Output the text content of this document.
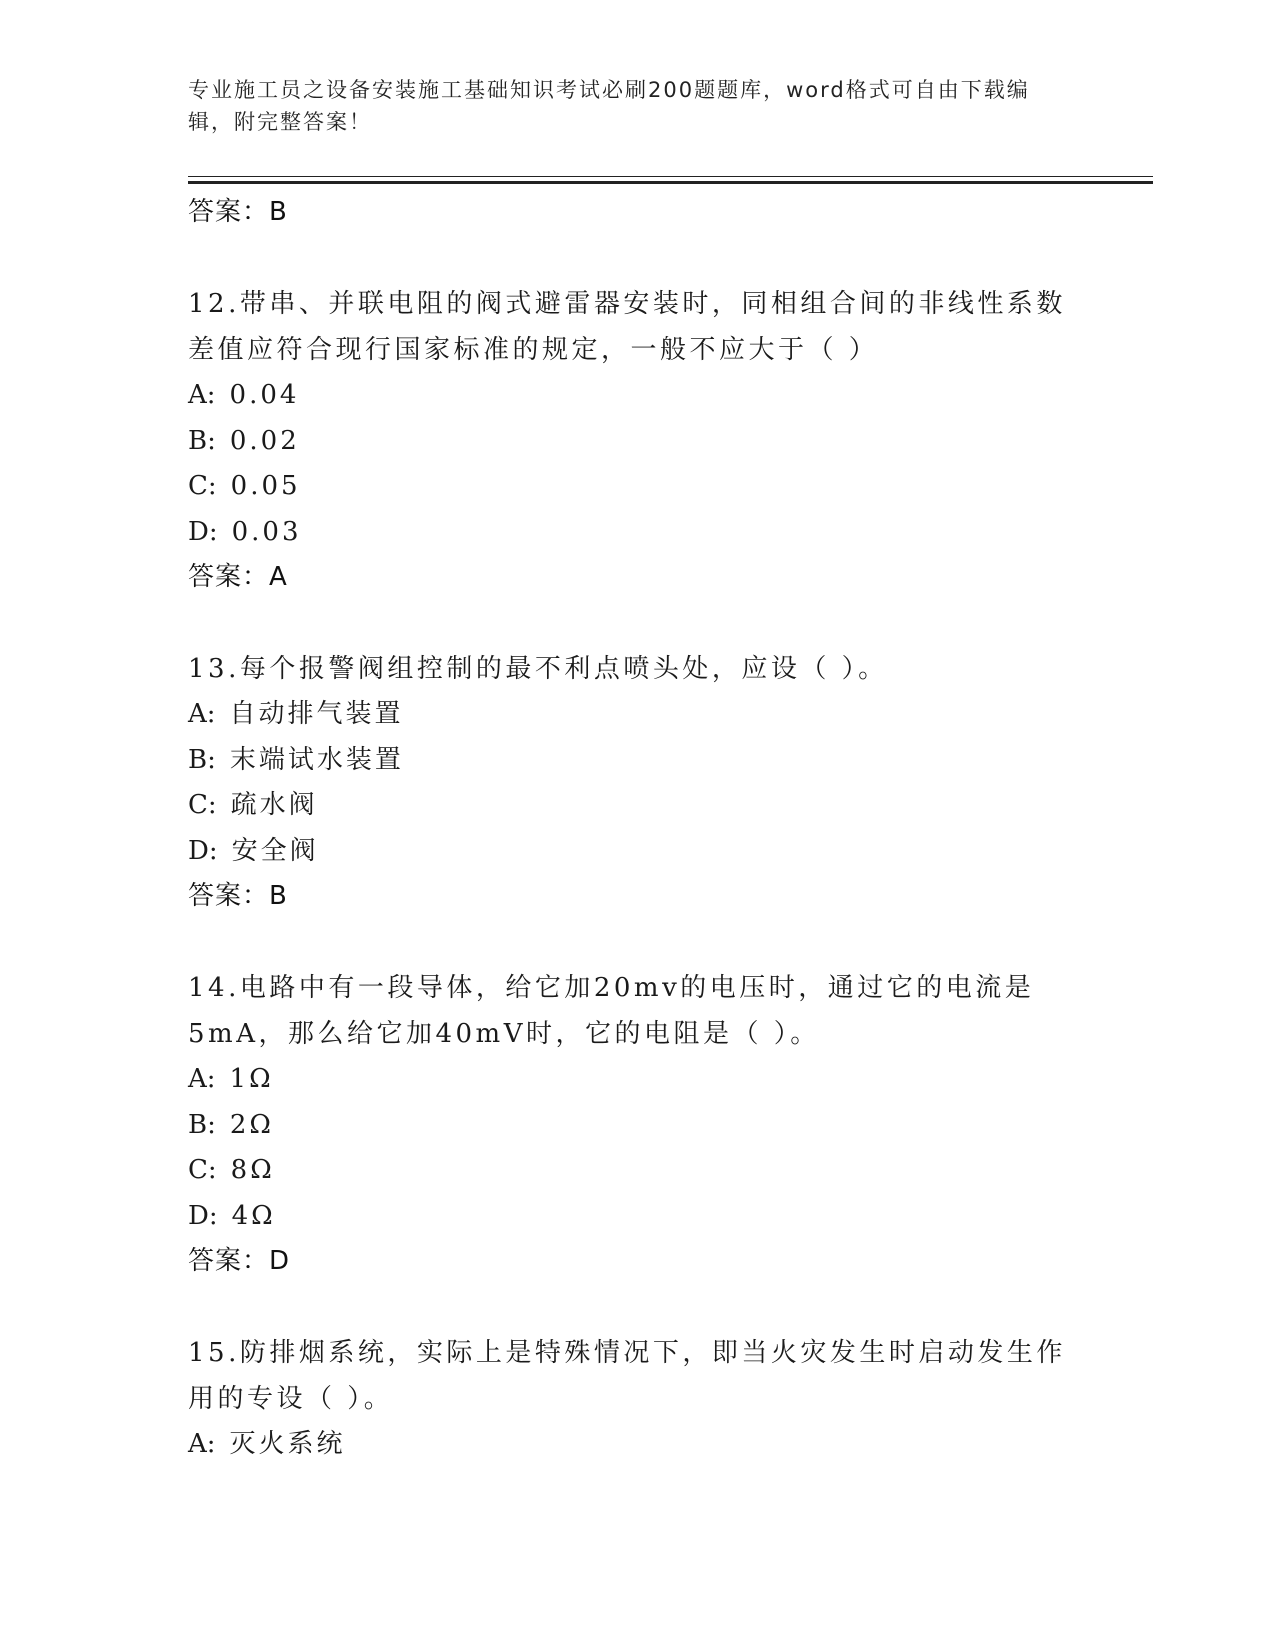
专业施工员之设备安装施工基础知识考试必刷200题题库，word格式可自由下载编辑，附完整答案！
答案：B
12.带串、并联电阻的阀式避雷器安装时，同相组合间的非线性系数差值应符合现行国家标准的规定，一般不应大于（ ）
A: 0.04
B: 0.02
C: 0.05
D: 0.03
答案：A
13.每个报警阀组控制的最不利点喷头处，应设（ ）。
A: 自动排气装置
B: 末端试水装置
C: 疏水阀
D: 安全阀
答案：B
14.电路中有一段导体，给它加20mv的电压时，通过它的电流是5mA，那么给它加40mV时，它的电阻是（ ）。
A: 1Ω
B: 2Ω
C: 8Ω
D: 4Ω
答案：D
15.防排烟系统，实际上是特殊情况下，即当火灾发生时启动发生作用的专设（ ）。
A: 灭火系统
